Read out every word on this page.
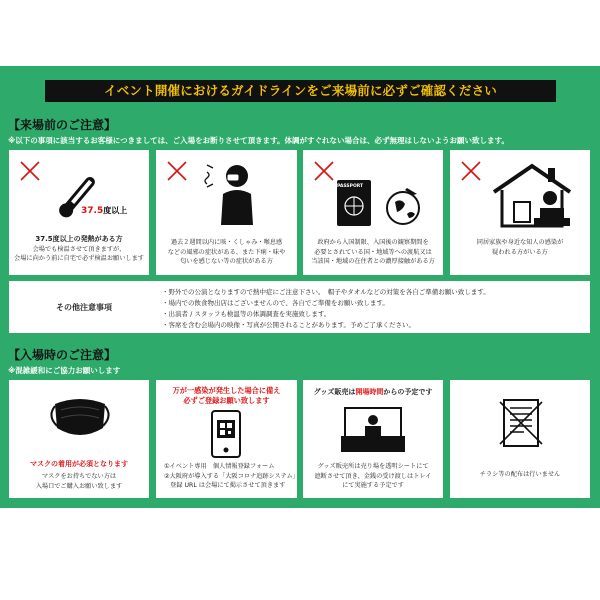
イベント開催におけるガイドラインをご来場前に必ずご確認ください
【来場前のご注意】
※以下の事項に該当するお客様につきましては、ご入場をお断りさせて頂きます。体調がすぐれない場合は、必ず無理はしないようお願い致します。
37.5度以上
37.5度以上の発熱がある方
会場でも検温させて頂きますが、
会場に向かう前に自宅で必ず検温お願いします
過去２週間以内に咳・くしゃみ・喉息感
などの風邪の症状がある、また下痢・味や
匂いを感じない等の症状がある方
PASSPORT
政府から入国制限、入国後の観察期間を
必要とされている国・地域等への渡航又は
当該国・地域の在住者との濃厚接触がある方
同居家族や身近な知人の感染が
疑われる方がいる方
その他注意事項
・ 野外での公演となりますので熱中症にご注意下さい。　帽子やタオルなどの対策を各自ご準備お願い致します。
・ 場内での飲食物出店はございませんので、各自でご準備をお願い致します。
・ 出演者 / スタッフも検温等の体調調査を実施致します。
・ 客席を含む会場内の映像・写真が公開されることがあります。予めご了承ください。
【入場時のご注意】
※混雑緩和にご協力お願いします
マスクの着用が必須となります
マスクをお持ちでない方は
入場口でご購入お願い致します
万が一感染が発生した場合に備え
必ずご登録お願い致します
①イベント専用　個人情報登録フォーム
②大阪府が導入する「大阪コロナ追跡システム」
　登録 URL は会場にて掲示させて頂きます
グッズ販売は開場時間からの予定です
グッズ販売所は売り場を透明シートにて
遮断させて頂き、金銭の受け渡しはトレイ
にて実施する予定です
チラシ等の配布は行いません
